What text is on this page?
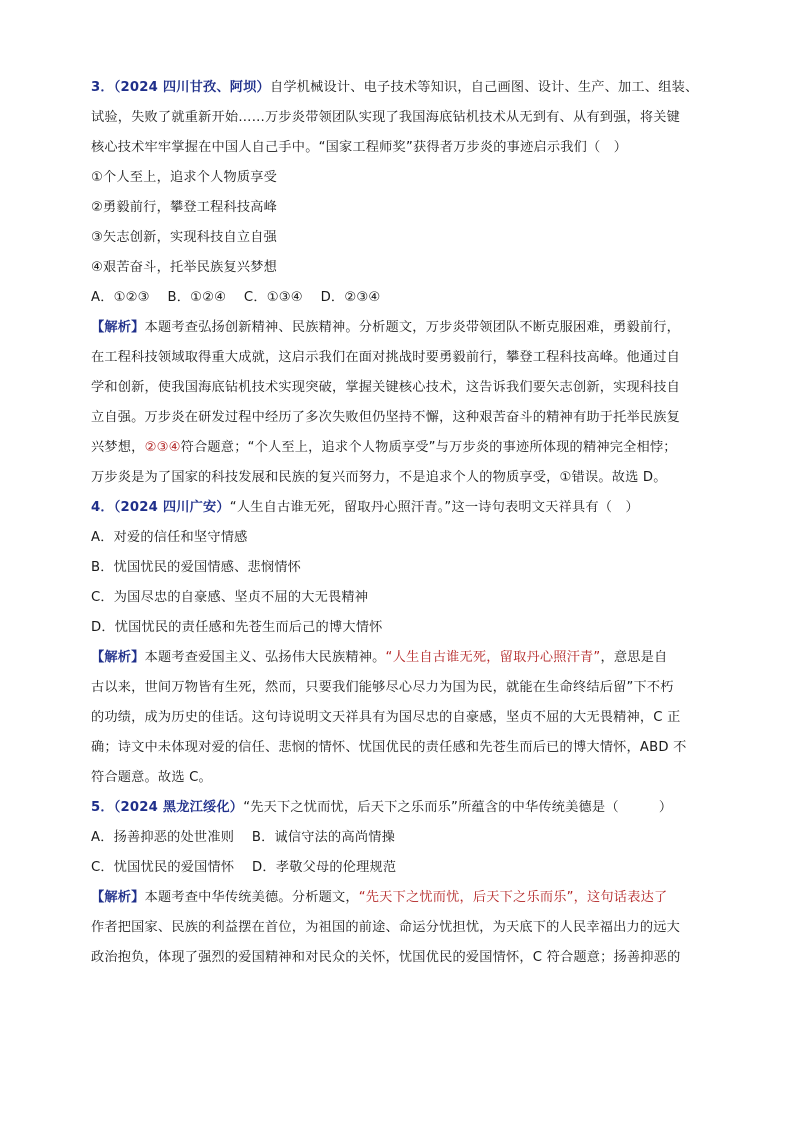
3．（2024 四川甘孜、阿坝）自学机械设计、电子技术等知识，自己画图、设计、生产、加工、组装、
试验，失败了就重新开始……万步炎带领团队实现了我国海底钻机技术从无到有、从有到强，将关键
核心技术牢牢掌握在中国人自己手中。“国家工程师奖”获得者万步炎的事迹启示我们（　）
①个人至上，追求个人物质享受
②勇毅前行，攀登工程科技高峰
③矢志创新，实现科技自立自强
④艰苦奋斗，托举民族复兴梦想
A．①②③　 B．①②④　 C．①③④　 D．②③④
【解析】本题考查弘扬创新精神、民族精神。分析题文，万步炎带领团队不断克服困难，勇毅前行，
在工程科技领域取得重大成就，这启示我们在面对挑战时要勇毅前行，攀登工程科技高峰。他通过自
学和创新，使我国海底钻机技术实现突破，掌握关键核心技术，这告诉我们要矢志创新，实现科技自
立自强。万步炎在研发过程中经历了多次失败但仍坚持不懈，这种艰苦奋斗的精神有助于托举民族复
兴梦想，②③④符合题意；“个人至上，追求个人物质享受”与万步炎的事迹所体现的精神完全相悖；
万步炎是为了国家的科技发展和民族的复兴而努力，不是追求个人的物质享受，①错误。故选 D。
4．（2024 四川广安）“人生自古谁无死，留取丹心照汗青。”这一诗句表明文天祥具有（　）
A．对爱的信任和坚守情感
B．忧国忧民的爱国情感、悲悯情怀
C．为国尽忠的自豪感、坚贞不屈的大无畏精神
D．忧国忧民的责任感和先苍生而后己的博大情怀
【解析】本题考查爱国主义、弘扬伟大民族精神。“人生自古谁无死，留取丹心照汗青”，意思是自
古以来，世间万物皆有生死，然而，只要我们能够尽心尽力为国为民，就能在生命终结后留”下不朽
的功绩，成为历史的佳话。这句诗说明文天祥具有为国尽忠的自豪感，坚贞不屈的大无畏精神，C 正
确；诗文中未体现对爱的信任、悲悯的情怀、忧国优民的责任感和先苍生而后已的博大情怀，ABD 不
符合题意。故选 C。
5．（2024 黑龙江绥化）“先天下之忧而忧，后天下之乐而乐”所蕴含的中华传统美德是（　　　）
A．扬善抑恶的处世准则　 B．诚信守法的高尚情操
C．忧国忧民的爱国情怀　 D．孝敬父母的伦理规范
【解析】本题考查中华传统美德。分析题文，“先天下之忧而忧，后天下之乐而乐”，这句话表达了
作者把国家、民族的利益摆在首位，为祖国的前途、命运分忧担忧，为天底下的人民幸福出力的远大
政治抱负，体现了强烈的爱国精神和对民众的关怀，忧国优民的爱国情怀，C 符合题意；扬善抑恶的
